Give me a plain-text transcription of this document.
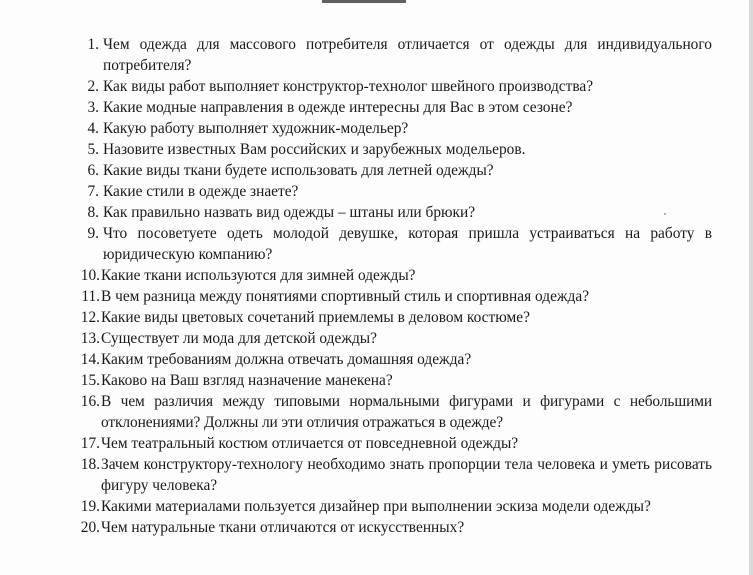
1. Чем одежда для массового потребителя отличается от одежды для индивидуального потребителя?
2. Как виды работ выполняет конструктор-технолог швейного производства?
3. Какие модные направления в одежде интересны для Вас в этом сезоне?
4. Какую работу выполняет художник-модельер?
5. Назовите известных Вам российских и зарубежных модельеров.
6. Какие виды ткани будете использовать для летней одежды?
7. Какие стили в одежде знаете?
8. Как правильно назвать вид одежды – штаны или брюки?
9. Что посоветуете одеть молодой девушке, которая пришла устраиваться на работу в юридическую компанию?
10. Какие ткани используются для зимней одежды?
11. В чем разница между понятиями спортивный стиль и спортивная одежда?
12. Какие виды цветовых сочетаний приемлемы в деловом костюме?
13. Существует ли мода для детской одежды?
14. Каким требованиям должна отвечать домашняя одежда?
15. Каково на Ваш взгляд назначение манекена?
16. В чем различия между типовыми нормальными фигурами и фигурами с небольшими отклонениями? Должны ли эти отличия отражаться в одежде?
17. Чем театральный костюм отличается от повседневной одежды?
18. Зачем конструктору-технологу необходимо знать пропорции тела человека и уметь рисовать фигуру человека?
19. Какими материалами пользуется дизайнер при выполнении эскиза модели одежды?
20. Чем натуральные ткани отличаются от искусственных?
